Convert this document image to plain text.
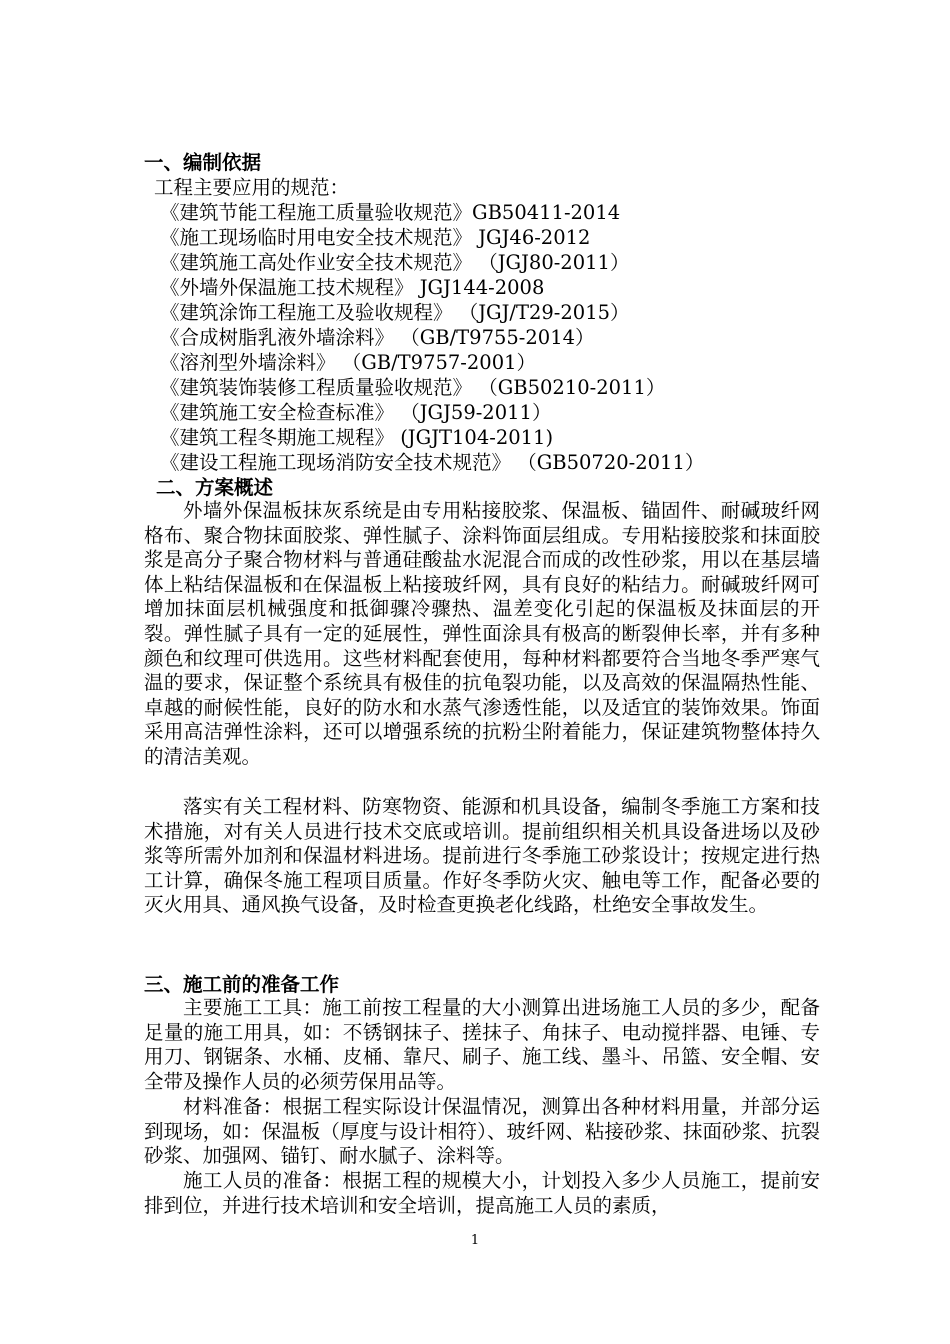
一、编制依据
工程主要应用的规范：
《建筑节能工程施工质量验收规范》GB50411-2014
《施工现场临时用电安全技术规范》 JGJ46-2012
《建筑施工高处作业安全技术规范》 （JGJ80-2011）
《外墙外保温施工技术规程》 JGJ144-2008
《建筑涂饰工程施工及验收规程》 （JGJ/T29-2015）
《合成树脂乳液外墙涂料》 （GB/T9755-2014）
《溶剂型外墙涂料》 （GB/T9757-2001）
《建筑装饰装修工程质量验收规范》 （GB50210-2011）
《建筑施工安全检查标准》 （JGJ59-2011）
《建筑工程冬期施工规程》 (JGJT104-2011)
《建设工程施工现场消防安全技术规范》 （GB50720-2011）
二、方案概述

外墙外保温板抹灰系统是由专用粘接胶浆、保温板、锚固件、耐碱玻纤网格布、聚合物抹面胶浆、弹性腻子、涂料饰面层组成。专用粘接胶浆和抹面胶浆是高分子聚合物材料与普通硅酸盐水泥混合而成的改性砂浆，用以在基层墙体上粘结保温板和在保温板上粘接玻纤网，具有良好的粘结力。耐碱玻纤网可增加抹面层机械强度和抵御骤冷骤热、温差变化引起的保温板及抹面层的开裂。弹性腻子具有一定的延展性，弹性面涂具有极高的断裂伸长率，并有多种颜色和纹理可供选用。这些材料配套使用，每种材料都要符合当地冬季严寒气温的要求，保证整个系统具有极佳的抗龟裂功能，以及高效的保温隔热性能、卓越的耐候性能，良好的防水和水蒸气渗透性能，以及适宜的装饰效果。饰面采用高洁弹性涂料，还可以增强系统的抗粉尘附着能力，保证建筑物整体持久的清洁美观。

落实有关工程材料、防寒物资、能源和机具设备，编制冬季施工方案和技术措施，对有关人员进行技术交底或培训。提前组织相关机具设备进场以及砂浆等所需外加剂和保温材料进场。提前进行冬季施工砂浆设计；按规定进行热工计算，确保冬施工程项目质量。作好冬季防火灾、触电等工作，配备必要的灭火用具、通风换气设备，及时检查更换老化线路，杜绝安全事故发生。

三、施工前的准备工作

主要施工工具：施工前按工程量的大小测算出进场施工人员的多少，配备足量的施工用具，如：不锈钢抹子、搓抹子、角抹子、电动搅拌器、电锤、专用刀、钢锯条、水桶、皮桶、靠尺、刷子、施工线、墨斗、吊篮、安全帽、安全带及操作人员的必须劳保用品等。

材料准备：根据工程实际设计保温情况，测算出各种材料用量，并部分运到现场，如：保温板（厚度与设计相符）、玻纤网、粘接砂浆、抹面砂浆、抗裂砂浆、加强网、锚钉、耐水腻子、涂料等。

施工人员的准备：根据工程的规模大小，计划投入多少人员施工，提前安排到位，并进行技术培训和安全培训，提高施工人员的素质，

1
